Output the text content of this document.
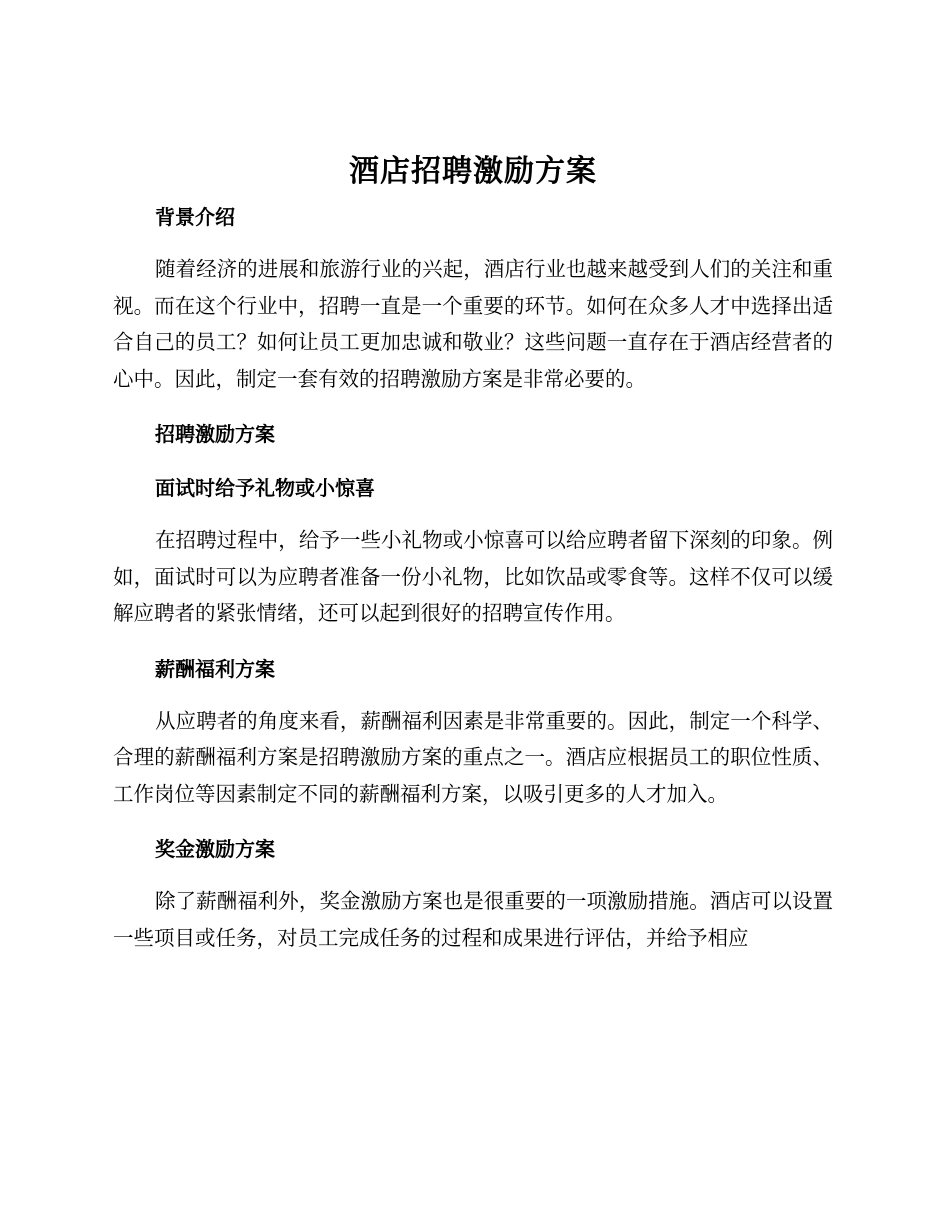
酒店招聘激励方案
背景介绍

随着经济的进展和旅游行业的兴起，酒店行业也越来越受到人们的关注和重视。而在这个行业中，招聘一直是一个重要的环节。如何在众多人才中选择出适合自己的员工？如何让员工更加忠诚和敬业？这些问题一直存在于酒店经营者的心中。因此，制定一套有效的招聘激励方案是非常必要的。

招聘激励方案
面试时给予礼物或小惊喜

在招聘过程中，给予一些小礼物或小惊喜可以给应聘者留下深刻的印象。例如，面试时可以为应聘者准备一份小礼物，比如饮品或零食等。这样不仅可以缓解应聘者的紧张情绪，还可以起到很好的招聘宣传作用。

薪酬福利方案

从应聘者的角度来看，薪酬福利因素是非常重要的。因此，制定一个科学、合理的薪酬福利方案是招聘激励方案的重点之一。酒店应根据员工的职位性质、工作岗位等因素制定不同的薪酬福利方案，以吸引更多的人才加入。

奖金激励方案

除了薪酬福利外，奖金激励方案也是很重要的一项激励措施。酒店可以设置一些项目或任务，对员工完成任务的过程和成果进行评估，并给予相应
